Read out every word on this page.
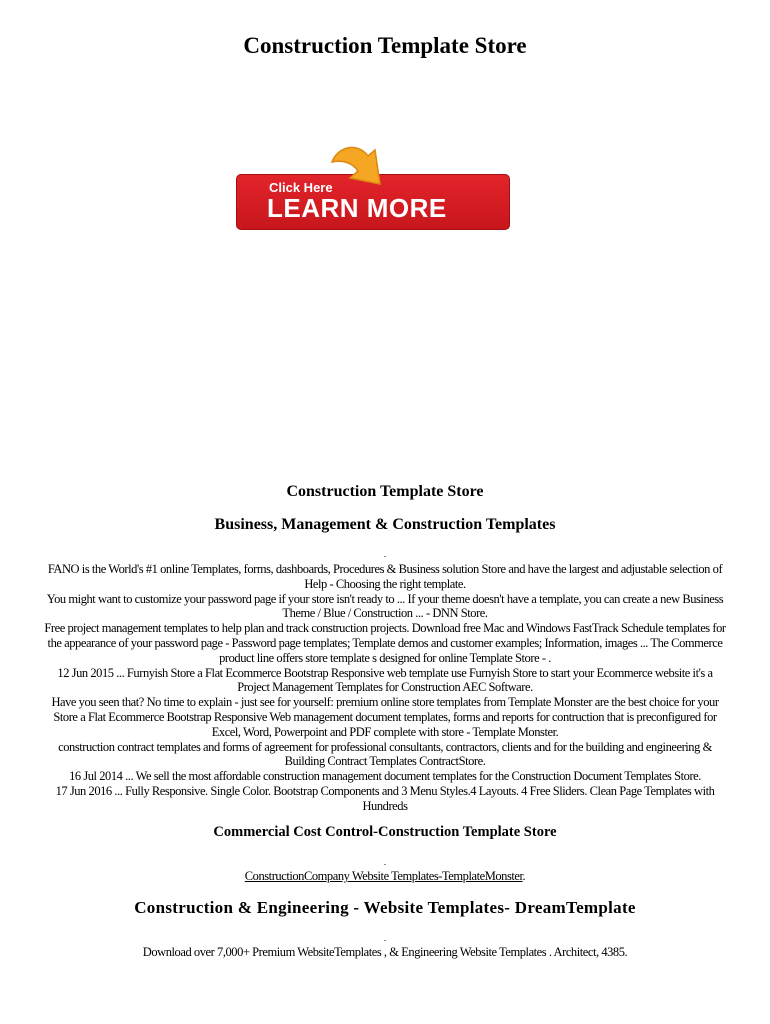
Construction Template Store
Click Here
LEARN MORE
Construction Template Store
Business, Management & Construction Templates
.

FANO is the World's #1 online Templates, forms, dashboards, Procedures & Business solution Store and have the largest and adjustable selection of Help - Choosing the right template.

You might want to customize your password page if your store isn't ready to ... If your theme doesn't have a template, you can create a new Business Theme / Blue / Construction ... - DNN Store.

Free project management templates to help plan and track construction projects. Download free Mac and Windows FastTrack Schedule templates for the appearance of your password page - Password page templates; Template demos and customer examples; Information, images ... The Commerce product line offers store template s designed for online Template Store - .

12 Jun 2015 ... Furnyish Store a Flat Ecommerce Bootstrap Responsive web template use Furnyish Store to start your Ecommerce website it's a Project Management Templates for Construction AEC Software.

Have you seen that? No time to explain - just see for yourself: premium online store templates from Template Monster are the best choice for your Store a Flat Ecommerce Bootstrap Responsive Web management document templates, forms and reports for contruction that is preconfigured for Excel, Word, Powerpoint and PDF complete with store - Template Monster.

construction contract templates and forms of agreement for professional consultants, contractors, clients and for the building and engineering & Building Contract Templates ContractStore.

16 Jul 2014 ... We sell the most affordable construction management document templates for the Construction Document Templates Store.

17 Jun 2016 ... Fully Responsive. Single Color. Bootstrap Components and 3 Menu Styles.4 Layouts. 4 Free Sliders. Clean Page Templates with Hundreds

Commercial Cost Control-Construction Template Store
.
ConstructionCompany Website Templates-TemplateMonster.
Construction & Engineering - Website Templates- DreamTemplate
.
Download over 7,000+ Premium WebsiteTemplates , & Engineering Website Templates . Architect, 4385.
